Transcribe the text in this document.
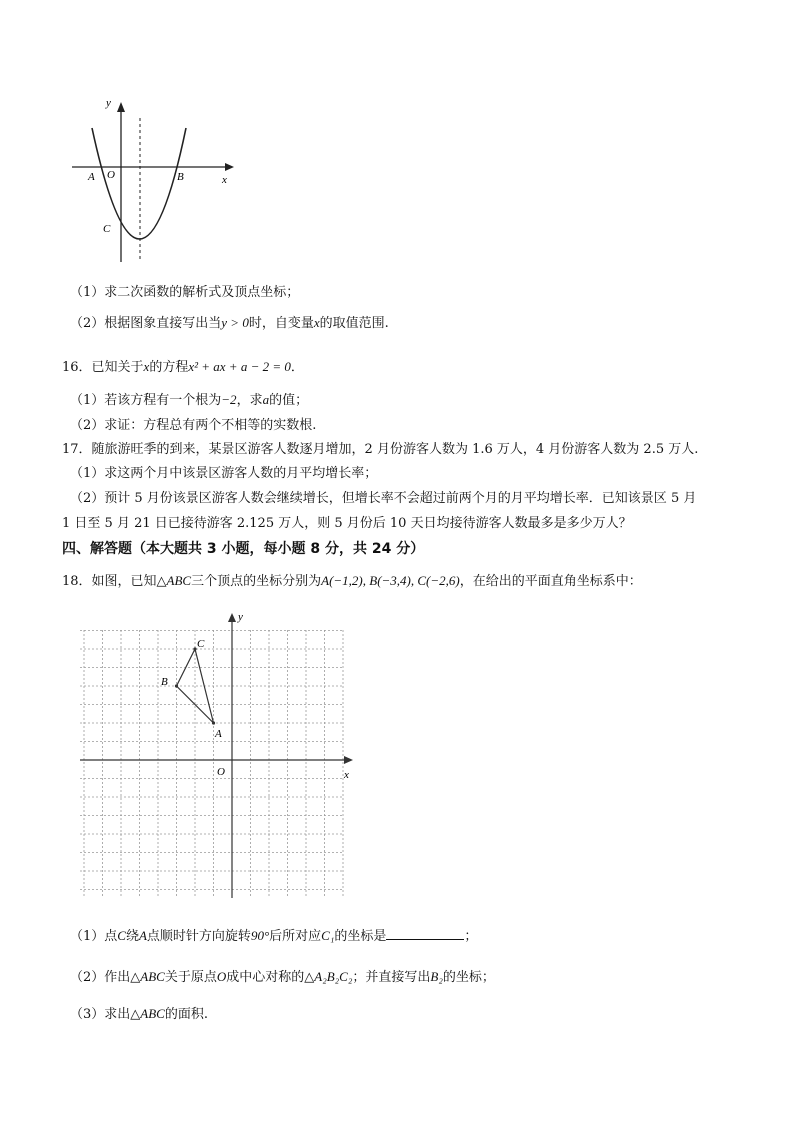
y
x
A O	B
C
（1）求二次函数的解析式及顶点坐标；
（2）根据图象直接写出当y > 0时，自变量x的取值范围.
16．已知关于x的方程x² + ax + a − 2 = 0．
（1）若该方程有一个根为−2，求a的值；
（2）求证：方程总有两个不相等的实数根.
17．随旅游旺季的到来，某景区游客人数逐月增加，2 月份游客人数为 1.6 万人，4 月份游客人数为 2.5 万人.
（1）求这两个月中该景区游客人数的月平均增长率；
（2）预计 5 月份该景区游客人数会继续增长，但增长率不会超过前两个月的月平均增长率．已知该景区 5 月
1 日至 5 月 21 日已接待游客 2.125 万人，则 5 月份后 10 天日均接待游客人数最多是多少万人？
四、解答题（本大题共 3 小题，每小题 8 分，共 24 分）
18．如图，已知△ABC三个顶点的坐标分别为A(−1,2), B(−3,4), C(−2,6)，在给出的平面直角坐标系中：
y
x
A
B
C
O
（1）点C绕A点顺时针方向旋转90°后所对应C₁的坐标是	；
（2）作出△ABC关于原点O成中心对称的△A₂B₂C₂；并直接写出B₂的坐标；
（3）求出△ABC的面积.
